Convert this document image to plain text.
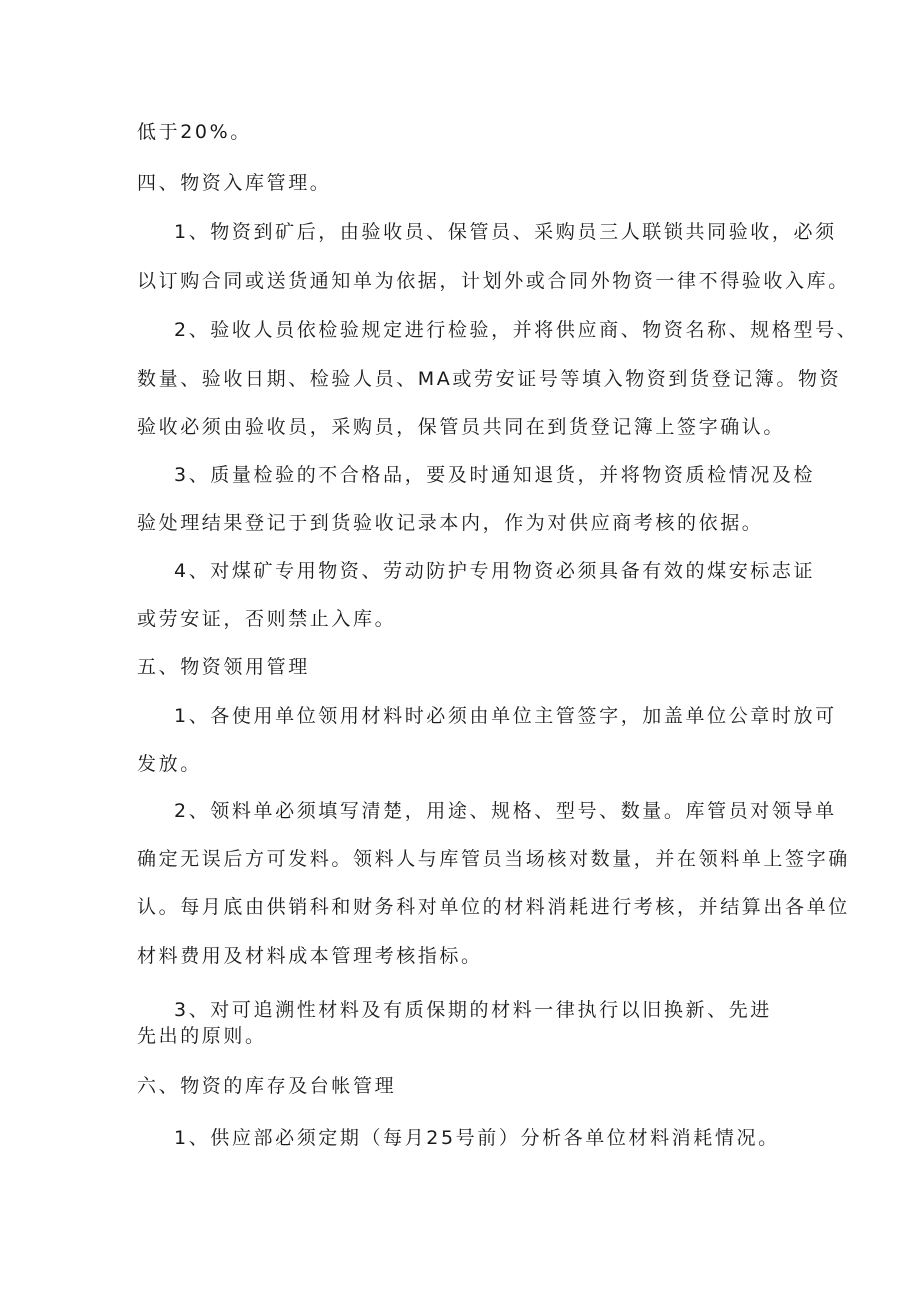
低于20%。

四、物资入库管理。

1、物资到矿后，由验收员、保管员、采购员三人联锁共同验收，必须

以订购合同或送货通知单为依据，计划外或合同外物资一律不得验收入库。

2、验收人员依检验规定进行检验，并将供应商、物资名称、规格型号、

数量、验收日期、检验人员、MA或劳安证号等填入物资到货登记簿。物资

验收必须由验收员，采购员，保管员共同在到货登记簿上签字确认。

3、质量检验的不合格品，要及时通知退货，并将物资质检情况及检

验处理结果登记于到货验收记录本内，作为对供应商考核的依据。

4、对煤矿专用物资、劳动防护专用物资必须具备有效的煤安标志证

或劳安证，否则禁止入库。

五、物资领用管理

1、各使用单位领用材料时必须由单位主管签字，加盖单位公章时放可

发放。

2、领料单必须填写清楚，用途、规格、型号、数量。库管员对领导单

确定无误后方可发料。领料人与库管员当场核对数量，并在领料单上签字确

认。每月底由供销科和财务科对单位的材料消耗进行考核，并结算出各单位

材料费用及材料成本管理考核指标。

3、对可追溯性材料及有质保期的材料一律执行以旧换新、先进

先出的原则。

六、物资的库存及台帐管理

1、供应部必须定期（每月25号前）分析各单位材料消耗情况。
